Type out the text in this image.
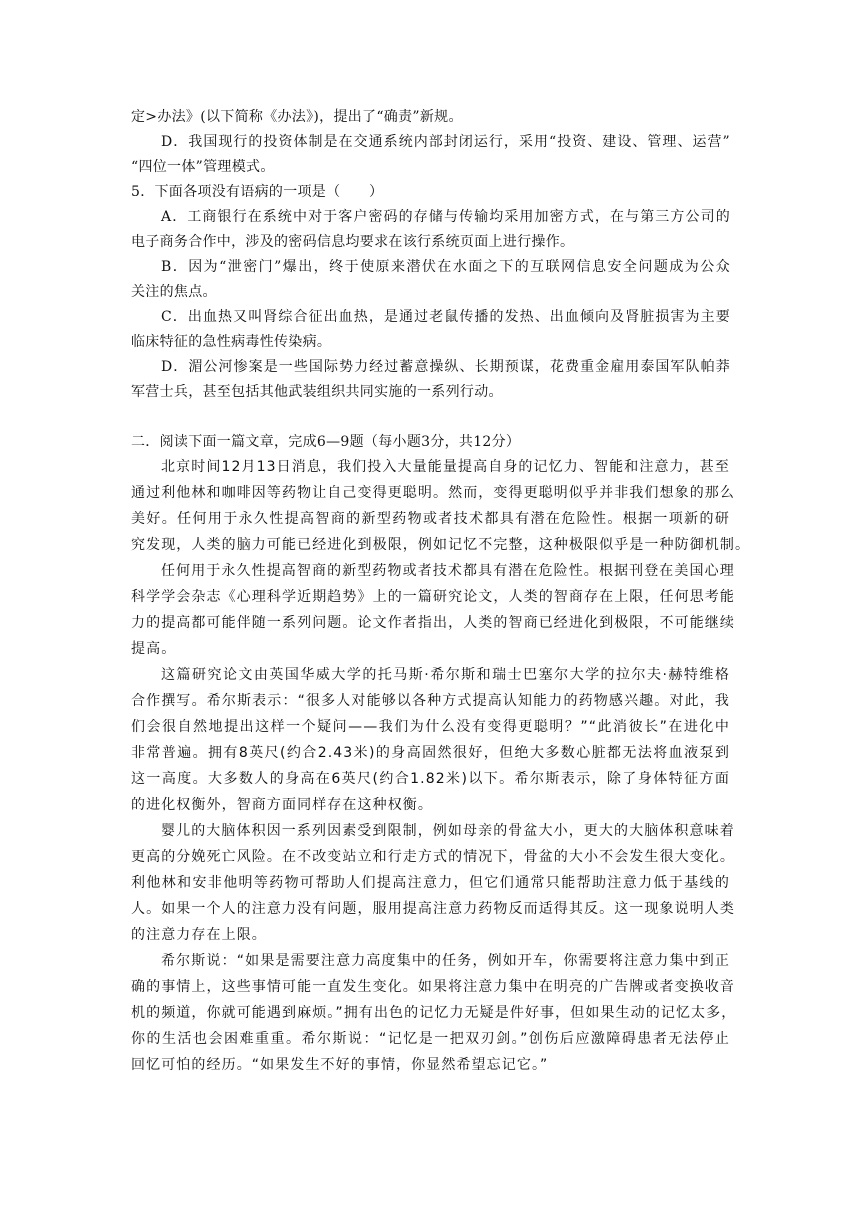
定>办法》(以下简称《办法》)，提出了“确责”新规。
D．我国现行的投资体制是在交通系统内部封闭运行，采用“投资、建设、管理、运营”
“四位一体”管理模式。
5．下面各项没有语病的一项是（　　）
A．工商银行在系统中对于客户密码的存储与传输均采用加密方式，在与第三方公司的
电子商务合作中，涉及的密码信息均要求在该行系统页面上进行操作。
B．因为“泄密门”爆出，终于使原来潜伏在水面之下的互联网信息安全问题成为公众
关注的焦点。
C．出血热又叫肾综合征出血热，是通过老鼠传播的发热、出血倾向及肾脏损害为主要
临床特征的急性病毒性传染病。
D．湄公河惨案是一些国际势力经过蓄意操纵、长期预谋，花费重金雇用泰国军队帕莽
军营士兵，甚至包括其他武装组织共同实施的一系列行动。
二．阅读下面一篇文章，完成6—9题（每小题3分，共12分）
北京时间12月13日消息，我们投入大量能量提高自身的记忆力、智能和注意力，甚至
通过利他林和咖啡因等药物让自己变得更聪明。然而，变得更聪明似乎并非我们想象的那么
美好。任何用于永久性提高智商的新型药物或者技术都具有潜在危险性。根据一项新的研
究发现，人类的脑力可能已经进化到极限，例如记忆不完整，这种极限似乎是一种防御机制。
任何用于永久性提高智商的新型药物或者技术都具有潜在危险性。根据刊登在美国心理
科学学会杂志《心理科学近期趋势》上的一篇研究论文，人类的智商存在上限，任何思考能
力的提高都可能伴随一系列问题。论文作者指出，人类的智商已经进化到极限，不可能继续
提高。
这篇研究论文由英国华威大学的托马斯·希尔斯和瑞士巴塞尔大学的拉尔夫·赫特维格
合作撰写。希尔斯表示：“很多人对能够以各种方式提高认知能力的药物感兴趣。对此，我
们会很自然地提出这样一个疑问——我们为什么没有变得更聪明？”“此消彼长”在进化中
非常普遍。拥有8英尺(约合2.43米)的身高固然很好，但绝大多数心脏都无法将血液泵到
这一高度。大多数人的身高在6英尺(约合1.82米)以下。希尔斯表示，除了身体特征方面
的进化权衡外，智商方面同样存在这种权衡。
婴儿的大脑体积因一系列因素受到限制，例如母亲的骨盆大小，更大的大脑体积意味着
更高的分娩死亡风险。在不改变站立和行走方式的情况下，骨盆的大小不会发生很大变化。
利他林和安非他明等药物可帮助人们提高注意力，但它们通常只能帮助注意力低于基线的
人。如果一个人的注意力没有问题，服用提高注意力药物反而适得其反。这一现象说明人类
的注意力存在上限。
希尔斯说：“如果是需要注意力高度集中的任务，例如开车，你需要将注意力集中到正
确的事情上，这些事情可能一直发生变化。如果将注意力集中在明亮的广告牌或者变换收音
机的频道，你就可能遇到麻烦。”拥有出色的记忆力无疑是件好事，但如果生动的记忆太多，
你的生活也会困难重重。希尔斯说：“记忆是一把双刃剑。”创伤后应激障碍患者无法停止
回忆可怕的经历。“如果发生不好的事情，你显然希望忘记它。”
